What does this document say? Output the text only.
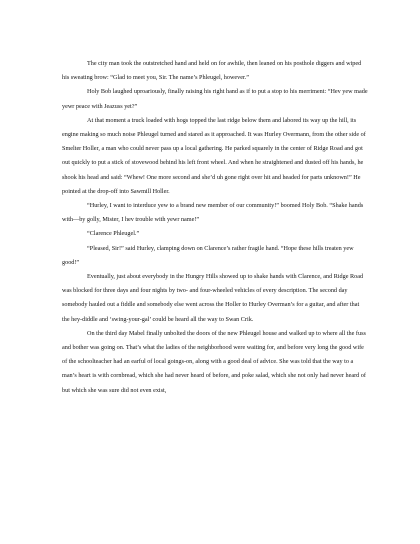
The city man took the outstretched hand and held on for awhile, then leaned on his posthole diggers and wiped his sweating brow: “Glad to meet you, Sir. The name’s Phleugel, however.”

Holy Bob laughed uproariously, finally raising his right hand as if to put a stop to his merriment: “Hev yew made yewr peace with Jeazuss yet?”

At that moment a truck loaded with hogs topped the last ridge below them and labored its way up the hill, its engine making so much noise Phleugel turned and stared as it approached. It was Hurley Overmann, from the other side of Smelter Holler, a man who could never pass up a local gathering. He parked squarely in the center of Ridge Road and got out quickly to put a stick of stovewood behind his left front wheel. And when he straightened and dusted off his hands, he shook his head and said: “Whew! One more second and she’d uh gone right over hit and headed for parts unknown!” He pointed at the drop-off into Sawmill Holler.

“Hurley, I want to interduce yew to a brand new member of our community!” boomed Holy Bob. “Shake hands with—by golly, Mister, I hev trouble with yewr name!”

“Clarence Phleugel.”

“Pleased, Sir!” said Hurley, clamping down on Clarence’s rather fragile hand. “Hope these hills treaten yew good!”

Eventually, just about everybody in the Hungry Hills showed up to shake hands with Clarence, and Ridge Road was blocked for three days and four nights by two- and four-wheeled vehicles of every description. The second day somebody hauled out a fiddle and somebody else went across the Holler to Hurley Overman’s for a guitar, and after that the hey-diddle and ‘swing-your-gal’ could be heard all the way to Swan Crik.

On the third day Mabel finally unbolted the doors of the new Phleugel house and walked up to where all the fuss and bother was going on. That’s what the ladies of the neighborhood were waiting for, and before very long the good wife of the schoolteacher had an earful of local goings-on, along with a good deal of advice. She was told that the way to a man’s heart is with cornbread, which she had never heard of before, and poke salad, which she not only had never heard of but which she was sure did not even exist,
